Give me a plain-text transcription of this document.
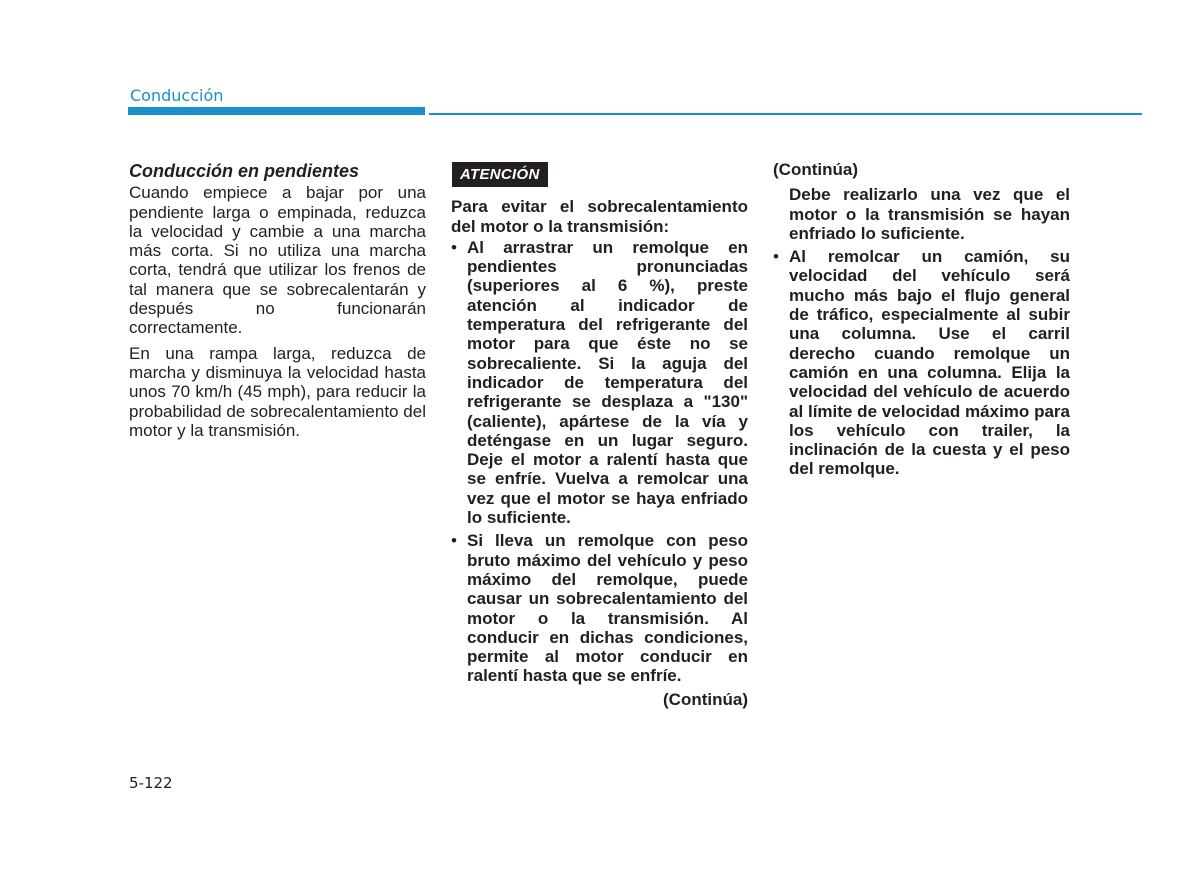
Conducción
Conducción en pendientes

Cuando empiece a bajar por una pendiente larga o empinada, reduzca la velocidad y cambie a una marcha más corta. Si no utiliza una marcha corta, tendrá que utilizar los frenos de tal manera que se sobrecalentarán y después no funcionarán correctamente.

En una rampa larga, reduzca de marcha y disminuya la velocidad hasta unos 70 km/h (45 mph), para reducir la probabilidad de sobrecalentamiento del motor y la transmisión.

ATENCIÓN

Para evitar el sobrecalentamiento del motor o la transmisión:

• Al arrastrar un remolque en pendientes pronunciadas (superiores al 6 %), preste atención al indicador de temperatura del refrigerante del motor para que éste no se sobrecaliente. Si la aguja del indicador de temperatura del refrigerante se desplaza a "130" (caliente), apártese de la vía y deténgase en un lugar seguro. Deje el motor a ralentí hasta que se enfríe. Vuelva a remolcar una vez que el motor se haya enfriado lo suficiente.
• Si lleva un remolque con peso bruto máximo del vehículo y peso máximo del remolque, puede causar un sobrecalentamiento del motor o la transmisión. Al conducir en dichas condiciones, permite al motor conducir en ralentí hasta que se enfríe.
(Continúa)
(Continúa)

Debe realizarlo una vez que el motor o la transmisión se hayan enfriado lo suficiente.

• Al remolcar un camión, su velocidad del vehículo será mucho más bajo el flujo general de tráfico, especialmente al subir una columna. Use el carril derecho cuando remolque un camión en una columna. Elija la velocidad del vehículo de acuerdo al límite de velocidad máximo para los vehículo con trailer, la inclinación de la cuesta y el peso del remolque.
5-122
